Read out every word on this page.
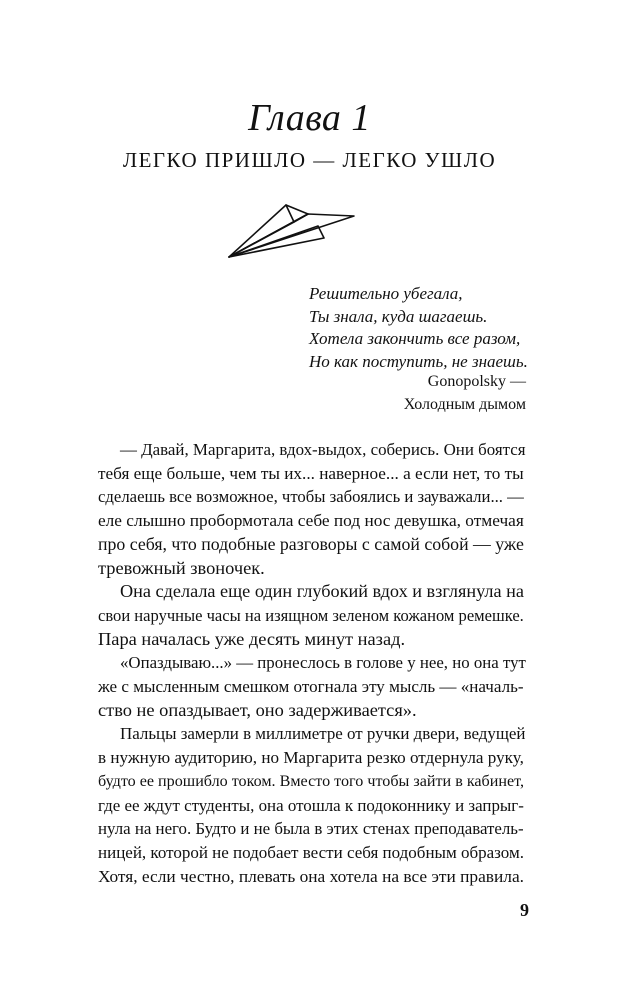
Глава 1
ЛЕГКО ПРИШЛО — ЛЕГКО УШЛО
Решительно убегала,
Ты знала, куда шагаешь.
Хотела закончить все разом,
Но как поступить, не знаешь.
Gonopolsky —
Холодным дымом
— Давай, Маргарита, вдох-выдох, соберись. Они боятся
тебя еще больше, чем ты их... наверное... а если нет, то ты
сделаешь все возможное, чтобы забоялись и зауважали... —
еле слышно пробормотала себе под нос девушка, отмечая
про себя, что подобные разговоры с самой собой — уже
тревожный звоночек.
Она сделала еще один глубокий вдох и взглянула на
свои наручные часы на изящном зеленом кожаном ремешке.
Пара началась уже десять минут назад.
«Опаздываю...» — пронеслось в голове у нее, но она тут
же с мысленным смешком отогнала эту мысль — «началь-
ство не опаздывает, оно задерживается».
Пальцы замерли в миллиметре от ручки двери, ведущей
в нужную аудиторию, но Маргарита резко отдернула руку,
будто ее прошибло током. Вместо того чтобы зайти в кабинет,
где ее ждут студенты, она отошла к подоконнику и запрыг-
нула на него. Будто и не была в этих стенах преподаватель-
ницей, которой не подобает вести себя подобным образом.
Хотя, если честно, плевать она хотела на все эти правила.
9
